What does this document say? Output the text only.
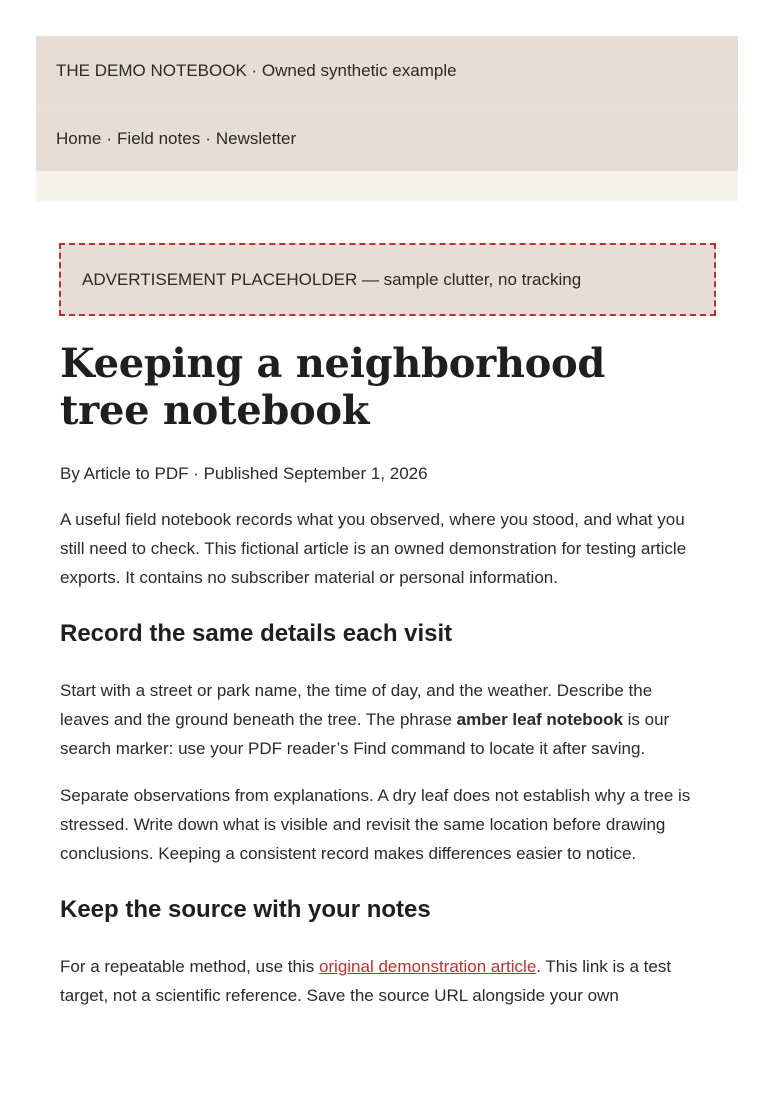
THE DEMO NOTEBOOK · Owned synthetic example
Home · Field notes · Newsletter
ADVERTISEMENT PLACEHOLDER — sample clutter, no tracking
Keeping a neighborhood tree notebook
By Article to PDF · Published September 1, 2026

A useful field notebook records what you observed, where you stood, and what you still need to check. This fictional article is an owned demonstration for testing article exports. It contains no subscriber material or personal information.

Record the same details each visit

Start with a street or park name, the time of day, and the weather. Describe the leaves and the ground beneath the tree. The phrase amber leaf notebook is our search marker: use your PDF reader’s Find command to locate it after saving.

Separate observations from explanations. A dry leaf does not establish why a tree is stressed. Write down what is visible and revisit the same location before drawing conclusions. Keeping a consistent record makes differences easier to notice.

Keep the source with your notes

For a repeatable method, use this original demonstration article. This link is a test target, not a scientific reference. Save the source URL alongside your own
